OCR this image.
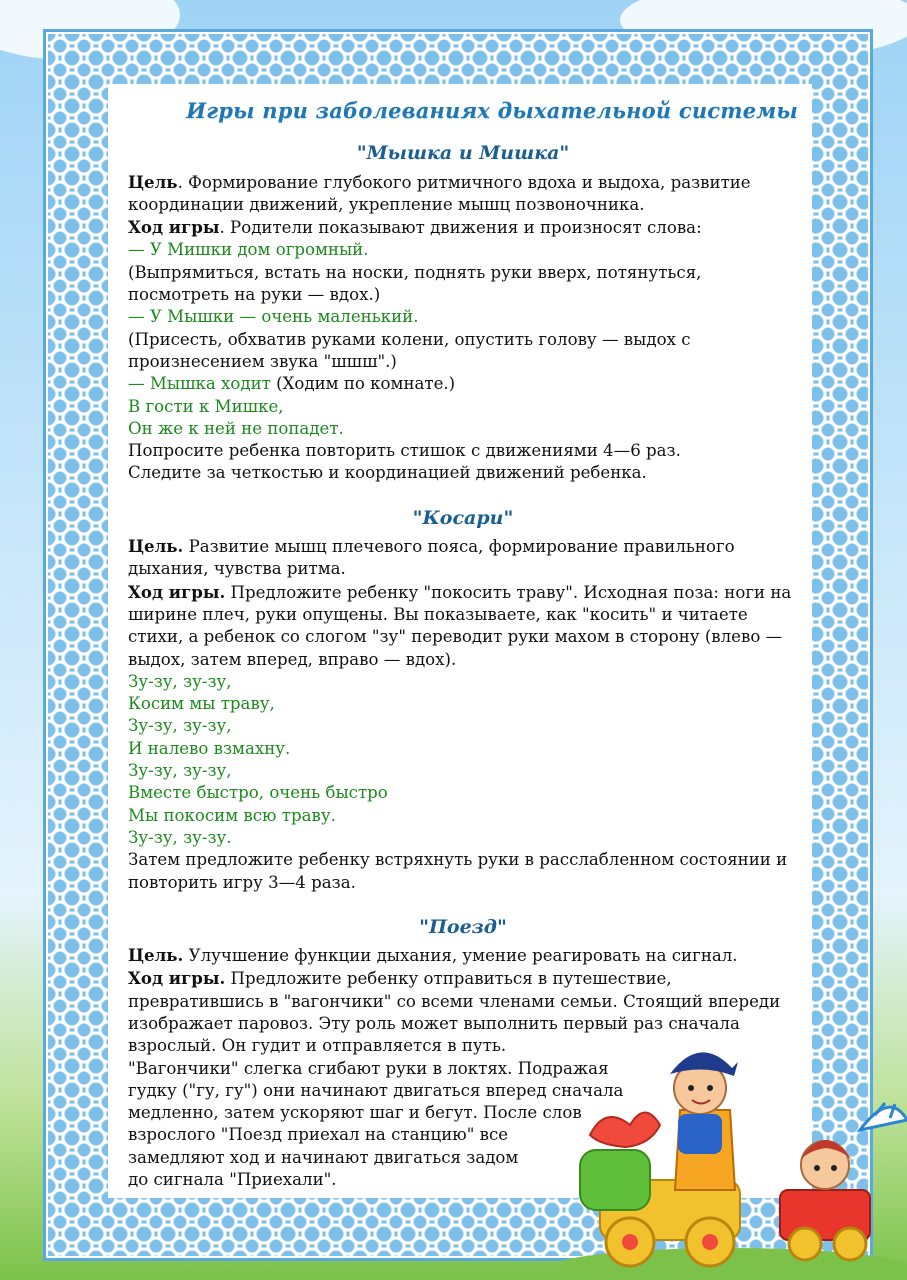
Игры при заболеваниях дыхательной системы
"Мышка и Мишка"

Цель. Формирование глубокого ритмичного вдоха и выдоха, развитие координации движений, укрепление мышц позвоночника.

Ход игры. Родители показывают движения и произносят слова:

— У Мишки дом огромный.

(Выпрямиться, встать на носки, поднять руки вверх, потянуться, посмотреть на руки — вдох.)

— У Мышки — очень маленький.

(Присесть, обхватив руками колени, опустить голову — выдох с произнесением звука "шшш".)

— Мышка ходит (Ходим по комнате.)

В гости к Мишке,

Он же к ней не попадет.

Попросите ребенка повторить стишок с движениями 4—6 раз.

Следите за четкостью и координацией движений ребенка.

"Косари"

Цель. Развитие мышц плечевого пояса, формирование правильного дыхания, чувства ритма.

Ход игры. Предложите ребенку "покосить траву". Исходная поза: ноги на ширине плеч, руки опущены. Вы показываете, как "косить" и читаете стихи, а ребенок со слогом "зу" переводит руки махом в сторону (влево — выдох, затем вперед, вправо — вдох).

Зу-зу, зу-зу,

Косим мы траву,

Зу-зу, зу-зу,

И налево взмахну.

Зу-зу, зу-зу,

Вместе быстро, очень быстро

Мы покосим всю траву.

Зу-зу, зу-зу.

Затем предложите ребенку встряхнуть руки в расслабленном состоянии и повторить игру 3—4 раза.

"Поезд"

Цель. Улучшение функции дыхания, умение реагировать на сигнал.

Ход игры. Предложите ребенку отправиться в путешествие, превратившись в "вагончики" со всеми членами семьи. Стоящий впереди изображает паровоз. Эту роль может выполнить первый раз сначала взрослый. Он гудит и отправляется в путь.

"Вагончики" слегка сгибают руки в локтях. Подражая

гудку ("гу, гу") они начинают двигаться вперед сначала

медленно, затем ускоряют шаг и бегут. После слов

взрослого "Поезд приехал на станцию" все

замедляют ход и начинают двигаться задом

до сигнала "Приехали".
